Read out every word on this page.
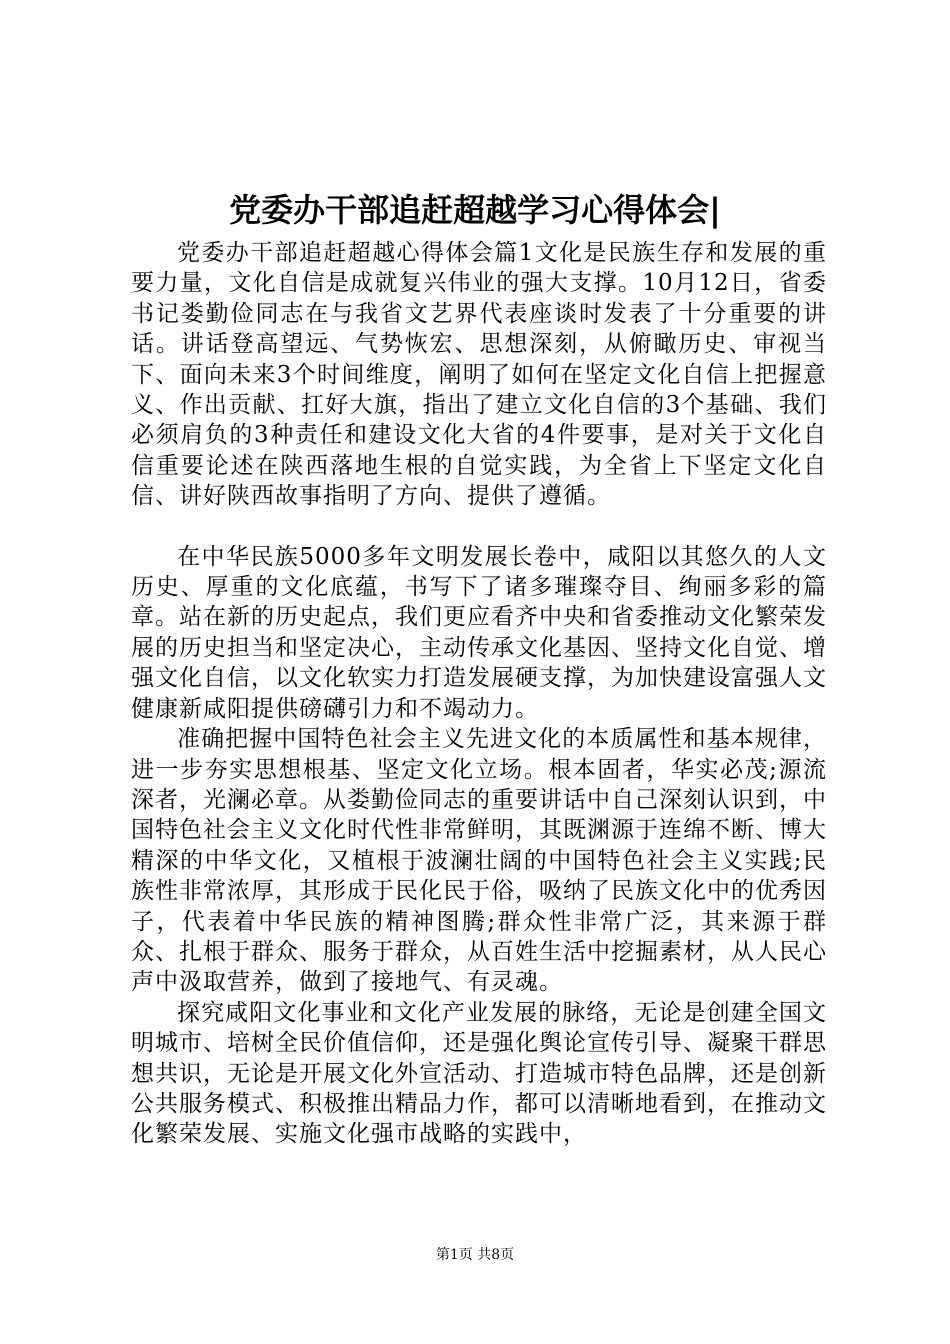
党委办干部追赶超越学习心得体会|

党委办干部追赶超越心得体会篇1文化是民族生存和发展的重要力量，文化自信是成就复兴伟业的强大支撑。10月12日，省委书记娄勤俭同志在与我省文艺界代表座谈时发表了十分重要的讲话。讲话登高望远、气势恢宏、思想深刻，从俯瞰历史、审视当下、面向未来3个时间维度，阐明了如何在坚定文化自信上把握意义、作出贡献、扛好大旗，指出了建立文化自信的3个基础、我们必须肩负的3种责任和建设文化大省的4件要事，是对关于文化自信重要论述在陕西落地生根的自觉实践，为全省上下坚定文化自信、讲好陕西故事指明了方向、提供了遵循。

在中华民族5000多年文明发展长卷中，咸阳以其悠久的人文历史、厚重的文化底蕴，书写下了诸多璀璨夺目、绚丽多彩的篇章。站在新的历史起点，我们更应看齐中央和省委推动文化繁荣发展的历史担当和坚定决心，主动传承文化基因、坚持文化自觉、增强文化自信，以文化软实力打造发展硬支撑，为加快建设富强人文健康新咸阳提供磅礴引力和不竭动力。

准确把握中国特色社会主义先进文化的本质属性和基本规律，进一步夯实思想根基、坚定文化立场。根本固者，华实必茂;源流深者，光澜必章。从娄勤俭同志的重要讲话中自己深刻认识到，中国特色社会主义文化时代性非常鲜明，其既渊源于连绵不断、博大精深的中华文化，又植根于波澜壮阔的中国特色社会主义实践;民族性非常浓厚，其形成于民化民于俗，吸纳了民族文化中的优秀因子，代表着中华民族的精神图腾;群众性非常广泛，其来源于群众、扎根于群众、服务于群众，从百姓生活中挖掘素材，从人民心声中汲取营养，做到了接地气、有灵魂。

探究咸阳文化事业和文化产业发展的脉络，无论是创建全国文明城市、培树全民价值信仰，还是强化舆论宣传引导、凝聚干群思想共识，无论是开展文化外宣活动、打造城市特色品牌，还是创新公共服务模式、积极推出精品力作，都可以清晰地看到，在推动文化繁荣发展、实施文化强市战略的实践中，

第1页 共8页
